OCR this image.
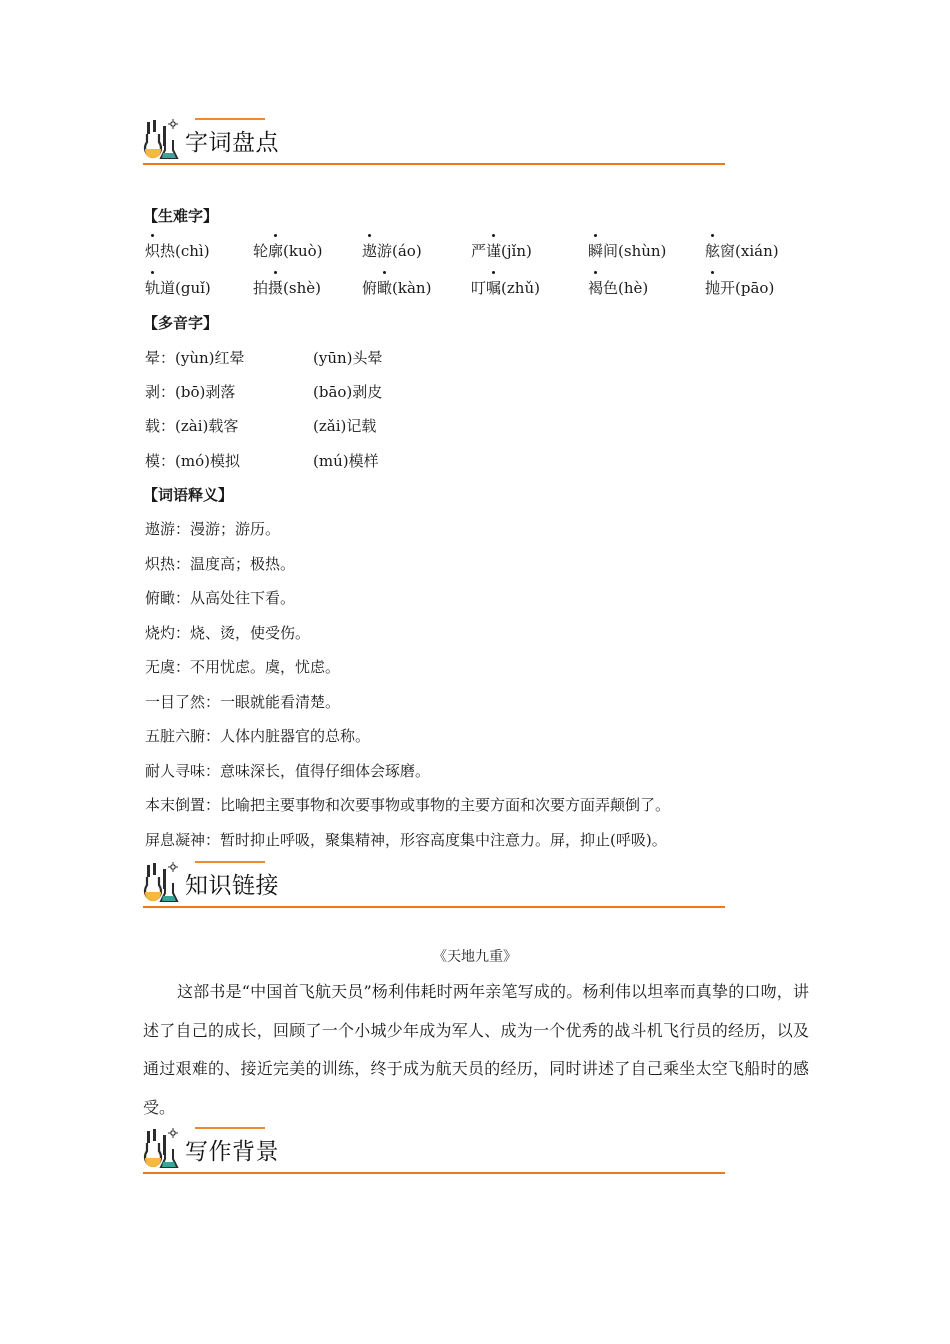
字词盘点
【生难字】
炽热(chì)	轮廓(kuò)	遨游(áo)	严谨(jǐn)	瞬间(shùn)	舷窗(xián)
轨道(guǐ)	拍摄(shè)	俯瞰(kàn)	叮嘱(zhǔ)	褐色(hè)	抛开(pāo)
【多音字】
晕：(yùn)红晕	(yūn)头晕
剥：(bō)剥落	(bāo)剥皮
载：(zài)载客	(zǎi)记载
模：(mó)模拟	(mú)模样
【词语释义】
遨游：漫游；游历。
炽热：温度高；极热。
俯瞰：从高处往下看。
烧灼：烧、烫，使受伤。
无虞：不用忧虑。虞，忧虑。
一目了然：一眼就能看清楚。
五脏六腑：人体内脏器官的总称。
耐人寻味：意味深长，值得仔细体会琢磨。
本末倒置：比喻把主要事物和次要事物或事物的主要方面和次要方面弄颠倒了。
屏息凝神：暂时抑止呼吸，聚集精神，形容高度集中注意力。屏，抑止(呼吸)。
知识链接
《天地九重》
这部书是“中国首飞航天员”杨利伟耗时两年亲笔写成的。杨利伟以坦率而真挚的口吻，讲述了自己的成长，回顾了一个小城少年成为军人、成为一个优秀的战斗机飞行员的经历，以及通过艰难的、接近完美的训练，终于成为航天员的经历，同时讲述了自己乘坐太空飞船时的感受。
写作背景
